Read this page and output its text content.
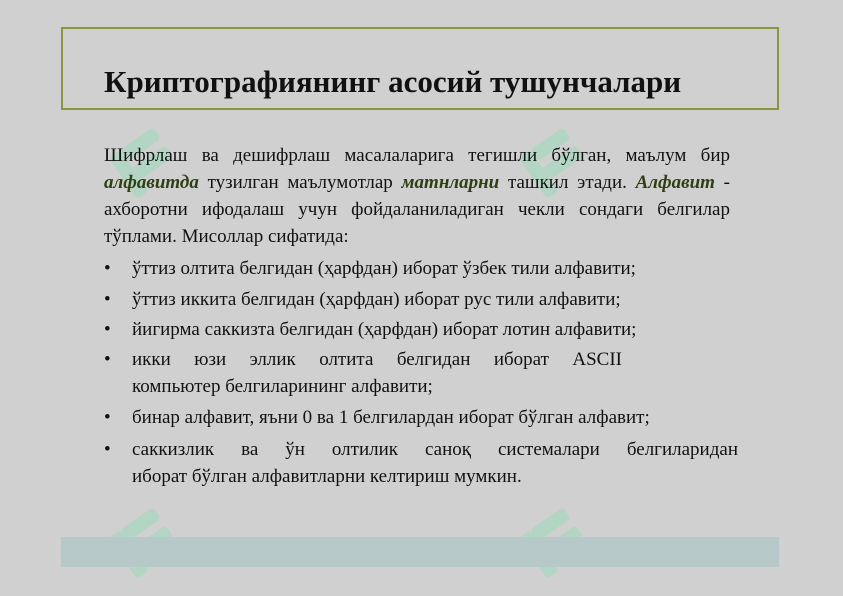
Криптографиянинг асосий тушунчалари
Шифрлаш ва дешифрлаш масалаларига тегишли бўлган, маълум бир алфавитда тузилган маълумотлар матнларни ташкил этади. Алфавит - ахборотни ифодалаш учун фойдаланиладиган чекли сондаги белгилар тўплами. Мисоллар сифатида:
•	ўттиз олтита белгидан (ҳарфдан) иборат ўзбек тили алфавити;
•	ўттиз иккита белгидан (ҳарфдан) иборат рус тили алфавити;
•	йигирма саккизта белгидан (ҳарфдан) иборат лотин алфавити;
•	икки юзи эллик олтита белгидан иборат ASCII
компьютер белгиларининг алфавити;
•	бинар алфавит, яъни 0 ва 1 белгилардан иборат бўлган алфавит;
•	саккизлик ва ўн олтилик саноқ системалари белгиларидан
иборат бўлган алфавитларни келтириш мумкин.
